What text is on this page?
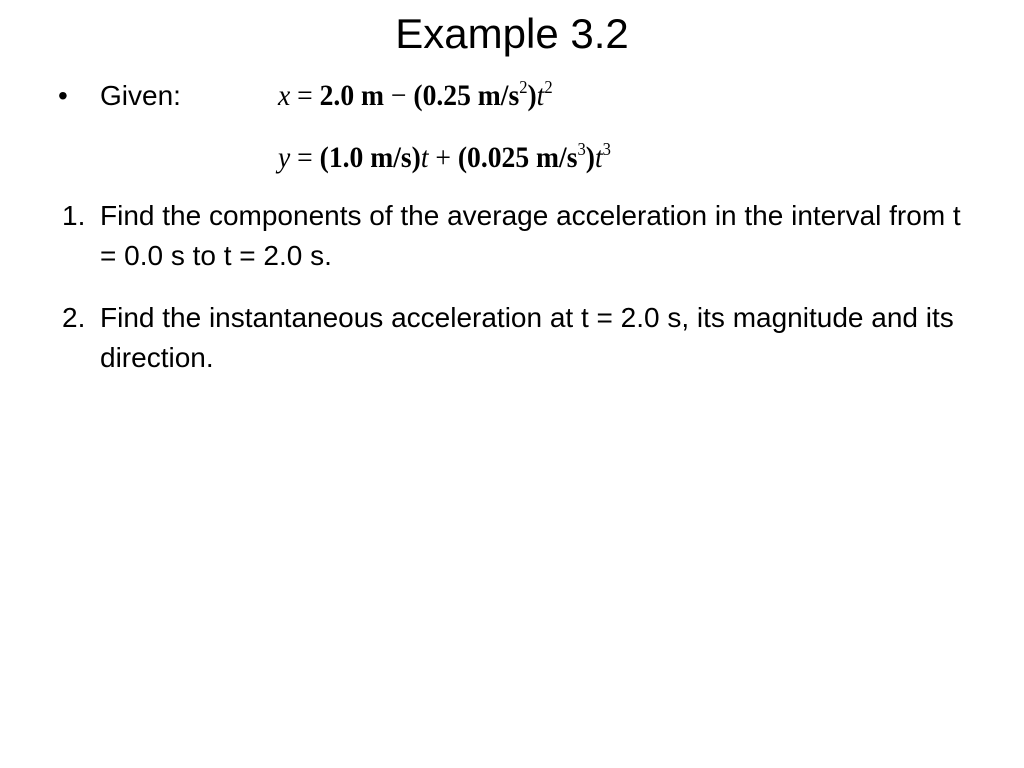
Example 3.2
• Given:	x = 2.0 m − (0.25 $m/s^2)t^2$
y = (1.0 m/s)t + (0.025 $m/s^3)t^3$
1. Find the components of the average acceleration in the interval from t = 0.0 s to t = 2.0 s.
2. Find the instantaneous acceleration at t = 2.0 s, its magnitude and its direction.
